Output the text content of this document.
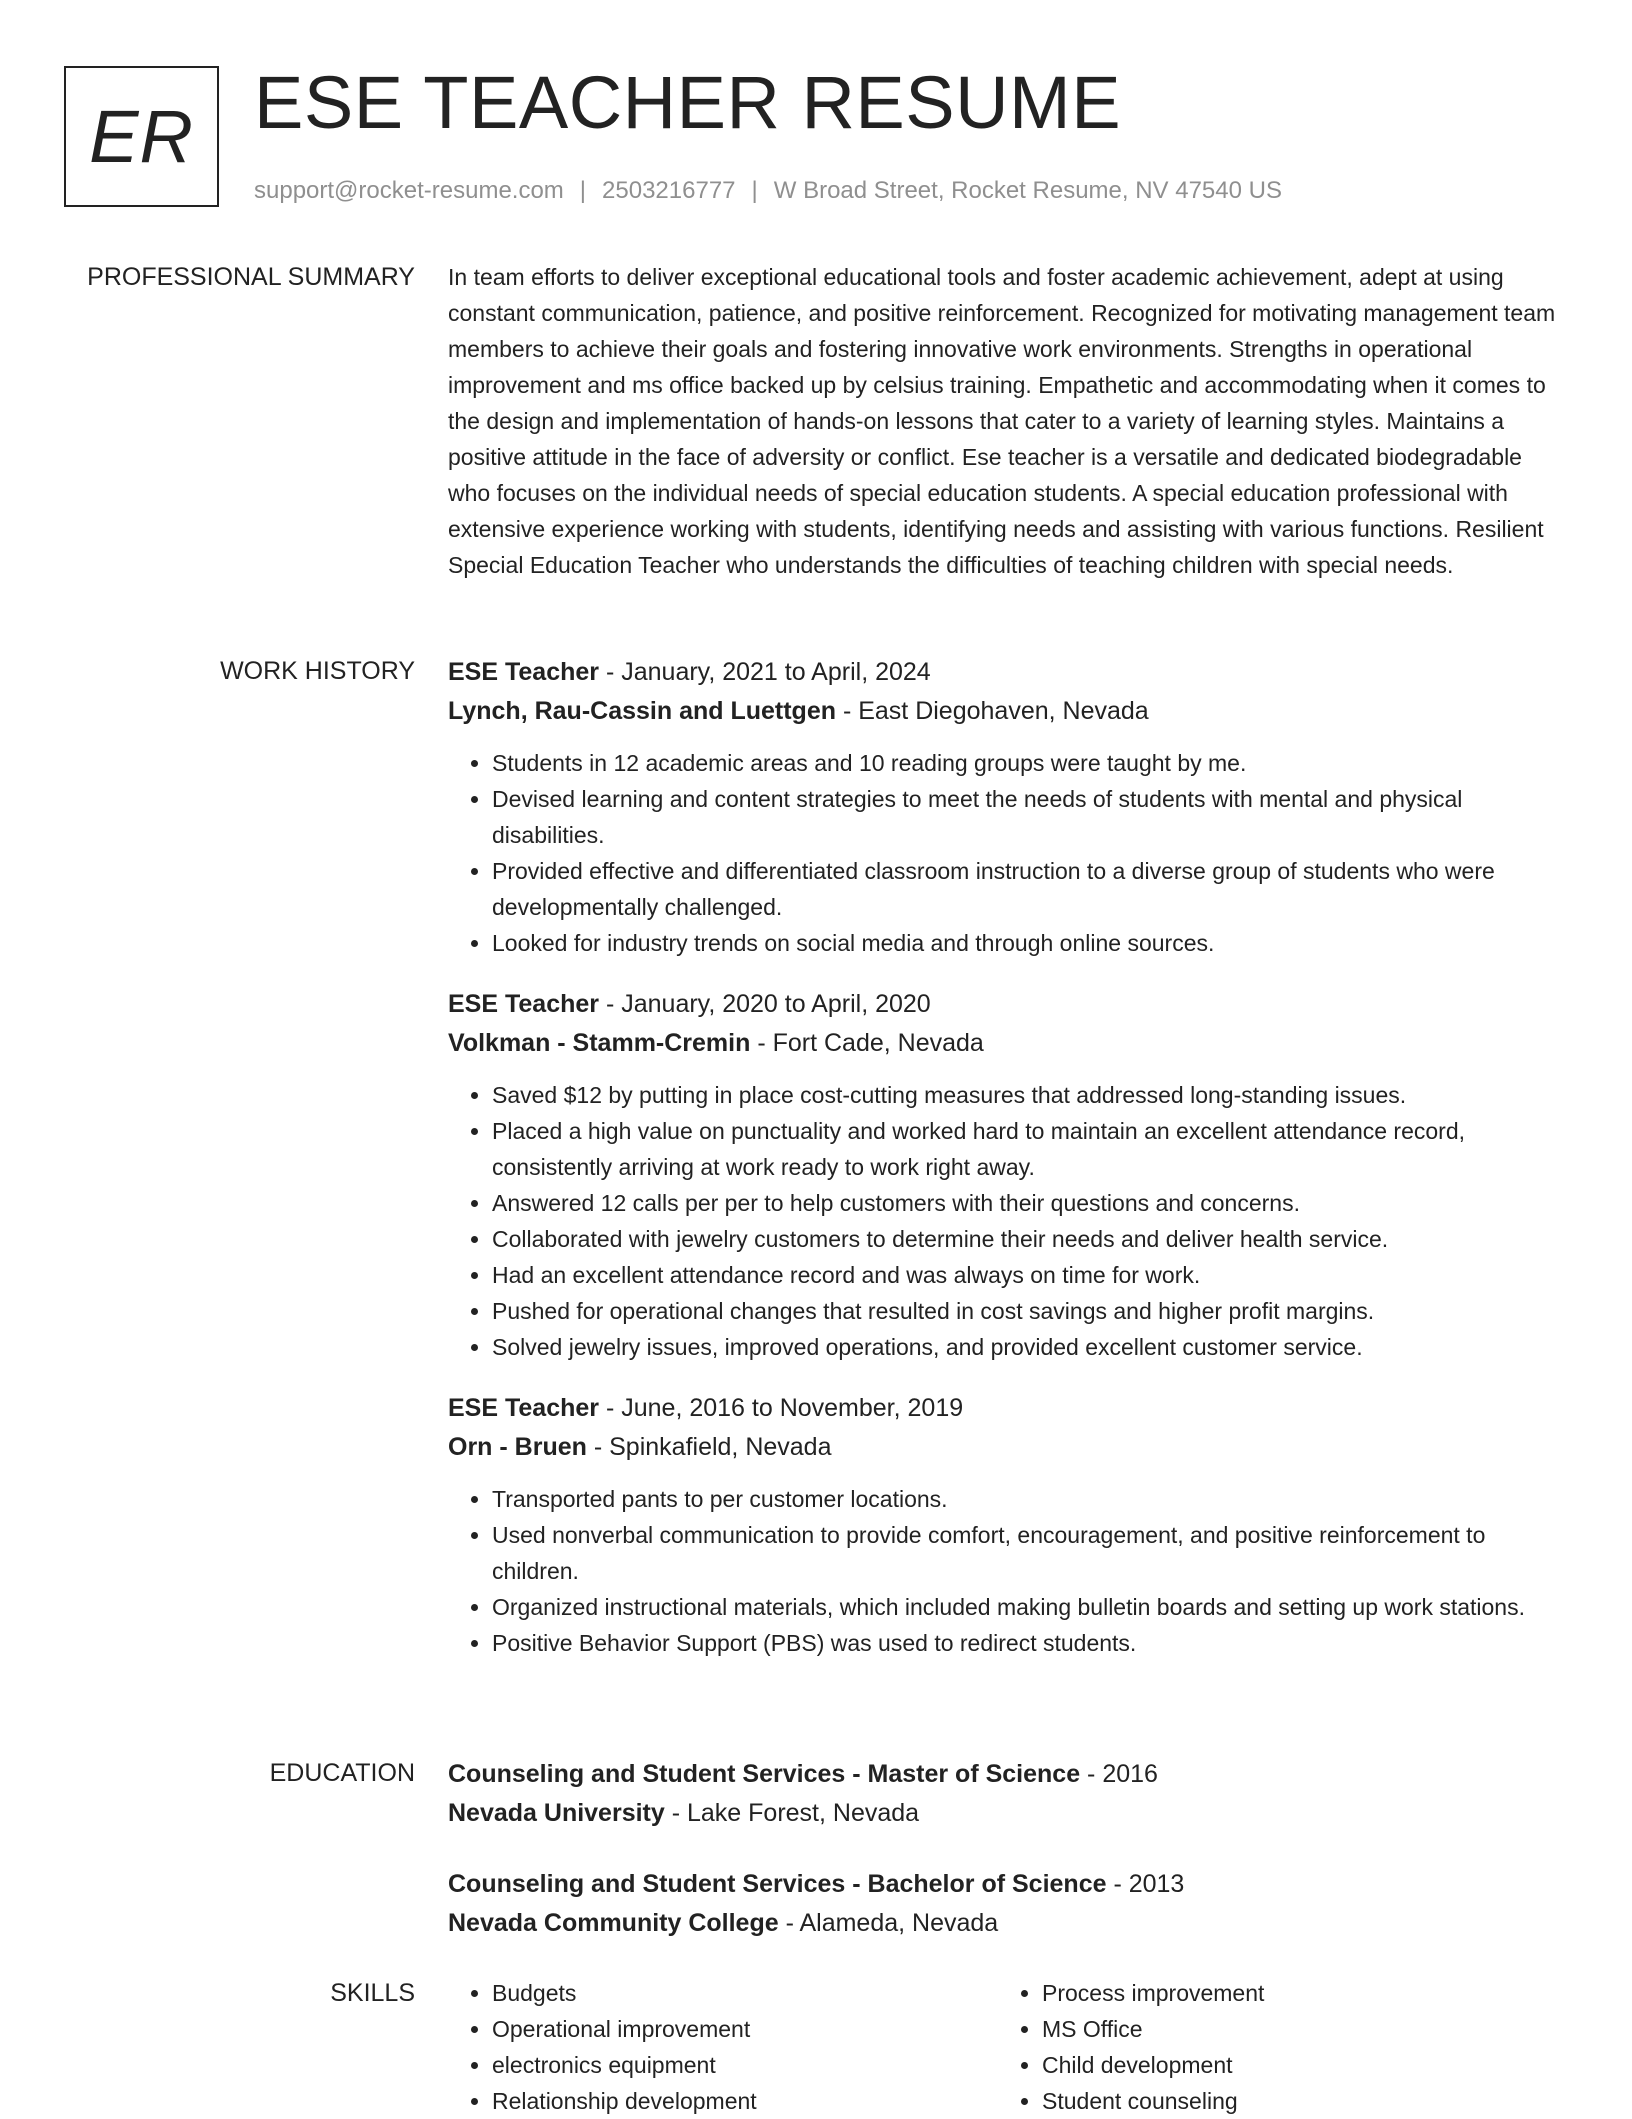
ER ESE TEACHER RESUME
support@rocket-resume.com | 2503216777 | W Broad Street, Rocket Resume, NV 47540 US
PROFESSIONAL SUMMARY In team efforts to deliver exceptional educational tools and foster academic achievement, adept at using constant communication, patience, and positive reinforcement. Recognized for motivating management team members to achieve their goals and fostering innovative work environments. Strengths in operational improvement and ms office backed up by celsius training. Empathetic and accommodating when it comes to the design and implementation of hands-on lessons that cater to a variety of learning styles. Maintains a positive attitude in the face of adversity or conflict. Ese teacher is a versatile and dedicated biodegradable who focuses on the individual needs of special education students. A special education professional with extensive experience working with students, identifying needs and assisting with various functions. Resilient Special Education Teacher who understands the difficulties of teaching children with special needs.

WORK HISTORY ESE Teacher - January, 2021 to April, 2024

Lynch, Rau-Cassin and Luettgen - East Diegohaven, Nevada

• Students in 12 academic areas and 10 reading groups were taught by me.
• Devised learning and content strategies to meet the needs of students with mental and physical disabilities.
• Provided effective and differentiated classroom instruction to a diverse group of students who were developmentally challenged.
• Looked for industry trends on social media and through online sources.

ESE Teacher - January, 2020 to April, 2020

Volkman - Stamm-Cremin - Fort Cade, Nevada

• Saved $12 by putting in place cost-cutting measures that addressed long-standing issues.
• Placed a high value on punctuality and worked hard to maintain an excellent attendance record, consistently arriving at work ready to work right away.
• Answered 12 calls per per to help customers with their questions and concerns.
• Collaborated with jewelry customers to determine their needs and deliver health service.
• Had an excellent attendance record and was always on time for work.
• Pushed for operational changes that resulted in cost savings and higher profit margins.
• Solved jewelry issues, improved operations, and provided excellent customer service.

ESE Teacher - June, 2016 to November, 2019

Orn - Bruen - Spinkafield, Nevada

• Transported pants to per customer locations.
• Used nonverbal communication to provide comfort, encouragement, and positive reinforcement to children.
• Organized instructional materials, which included making bulletin boards and setting up work stations.
• Positive Behavior Support (PBS) was used to redirect students.
EDUCATION Counseling and Student Services - Master of Science - 2016

Nevada University - Lake Forest, Nevada

Counseling and Student Services - Bachelor of Science - 2013

Nevada Community College - Alameda, Nevada

SKILLS
•	Budgets
• Operational improvement
• electronics equipment
• Relationship development
• Process improvement
• MS Office
• Child development
• Student counseling
